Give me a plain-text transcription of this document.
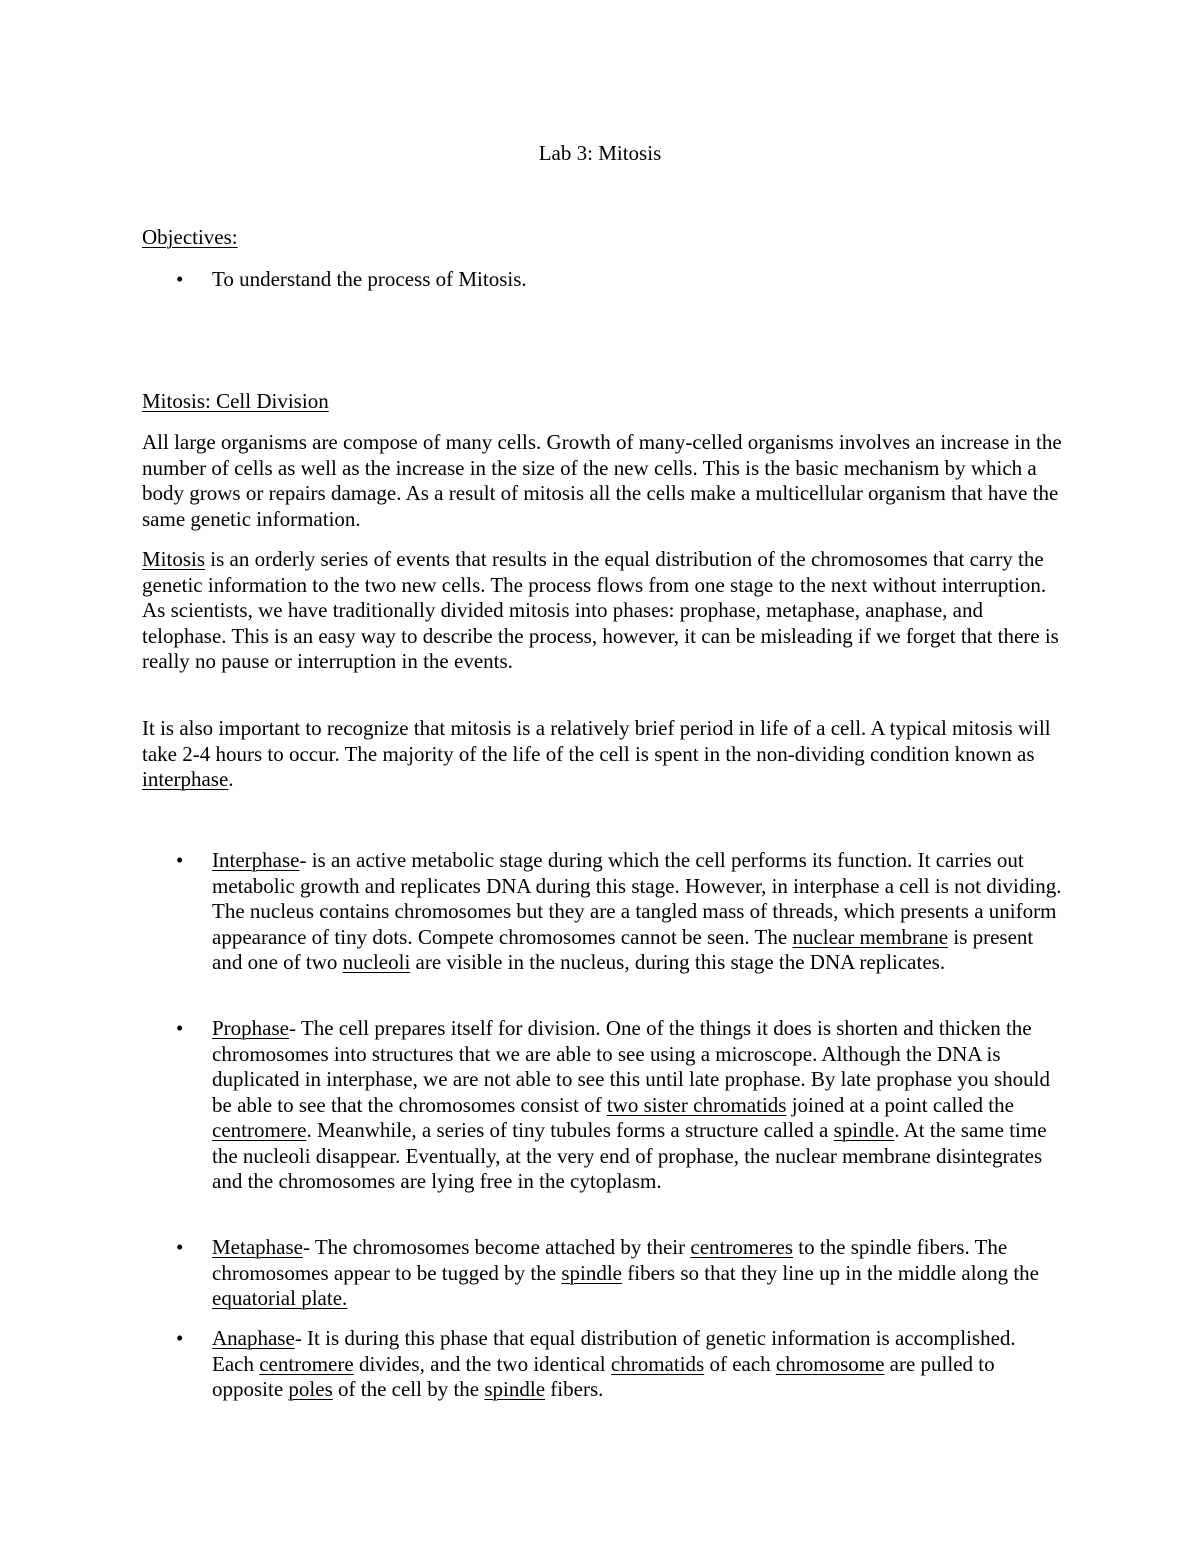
Lab 3: Mitosis
Objectives:
• To understand the process of Mitosis.
Mitosis: Cell Division

All large organisms are compose of many cells. Growth of many-celled organisms involves an increase in the number of cells as well as the increase in the size of the new cells. This is the basic mechanism by which a body grows or repairs damage. As a result of mitosis all the cells make a multicellular organism that have the same genetic information.

Mitosis is an orderly series of events that results in the equal distribution of the chromosomes that carry the genetic information to the two new cells. The process flows from one stage to the next without interruption. As scientists, we have traditionally divided mitosis into phases: prophase, metaphase, anaphase, and telophase. This is an easy way to describe the process, however, it can be misleading if we forget that there is really no pause or interruption in the events.

It is also important to recognize that mitosis is a relatively brief period in life of a cell. A typical mitosis will take 2-4 hours to occur. The majority of the life of the cell is spent in the non-dividing condition known as interphase.

• Interphase- is an active metabolic stage during which the cell performs its function. It carries out metabolic growth and replicates DNA during this stage. However, in interphase a cell is not dividing. The nucleus contains chromosomes but they are a tangled mass of threads, which presents a uniform appearance of tiny dots. Compete chromosomes cannot be seen. The nuclear membrane is present and one of two nucleoli are visible in the nucleus, during this stage the DNA replicates.
• Prophase- The cell prepares itself for division. One of the things it does is shorten and thicken the chromosomes into structures that we are able to see using a microscope. Although the DNA is duplicated in interphase, we are not able to see this until late prophase. By late prophase you should be able to see that the chromosomes consist of two sister chromatids joined at a point called the centromere. Meanwhile, a series of tiny tubules forms a structure called a spindle. At the same time the nucleoli disappear. Eventually, at the very end of prophase, the nuclear membrane disintegrates and the chromosomes are lying free in the cytoplasm.
• Metaphase- The chromosomes become attached by their centromeres to the spindle fibers. The chromosomes appear to be tugged by the spindle fibers so that they line up in the middle along the equatorial plate.
• Anaphase- It is during this phase that equal distribution of genetic information is accomplished. Each centromere divides, and the two identical chromatids of each chromosome are pulled to opposite poles of the cell by the spindle fibers.
